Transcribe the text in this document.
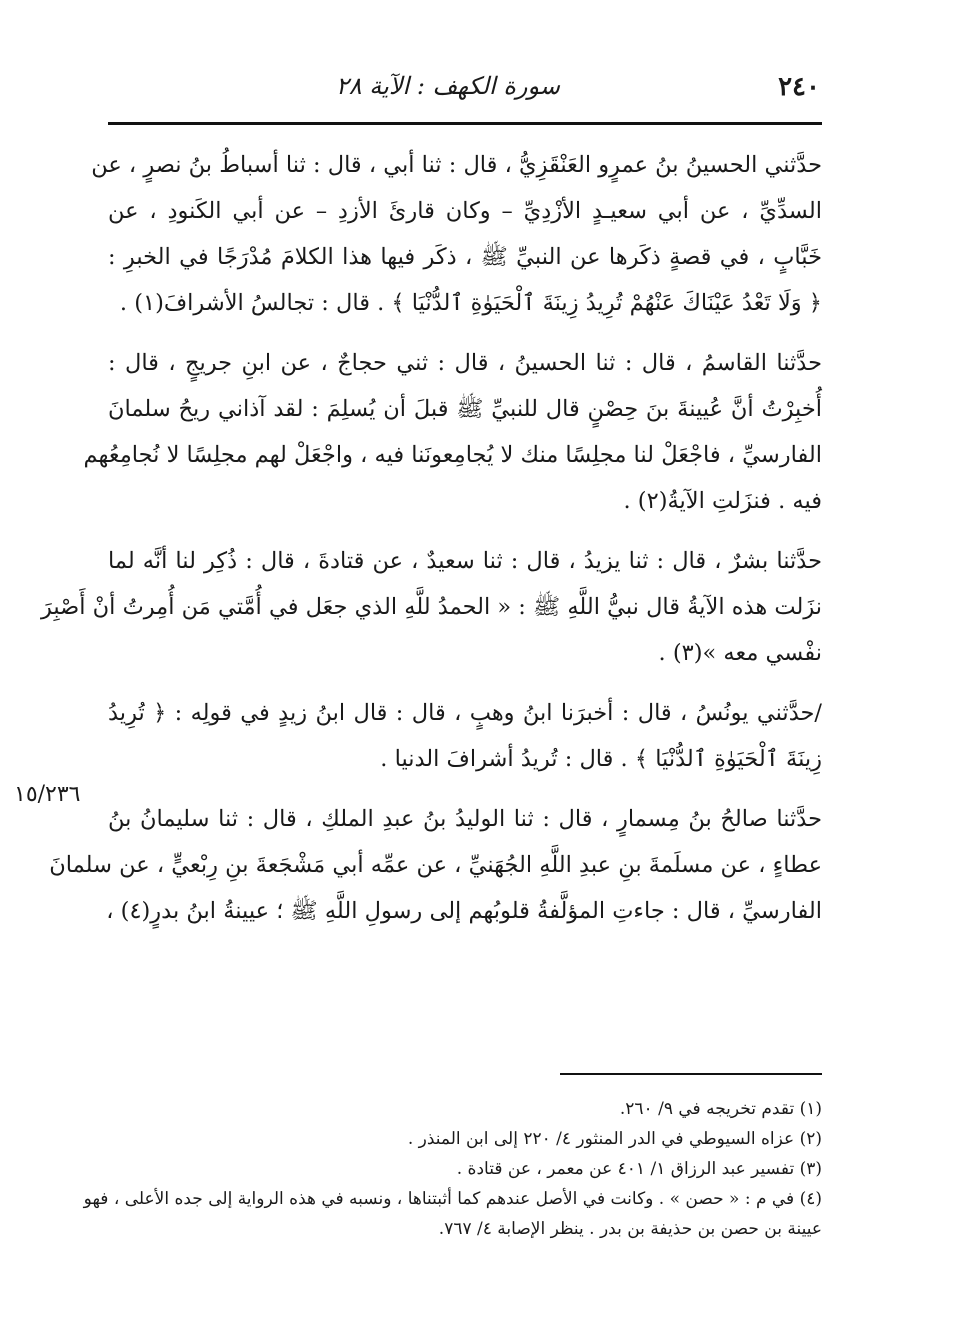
٢٤٠
سورة الكهف : الآية ٢٨
حدَّثني الحسينُ بنُ عمرٍو العَنْقَزِيُّ ، قال : ثنا أبي ، قال : ثنا أسباطُ بنُ نصرٍ ، عن
السدِّيِّ ، عن أبي سعيـدٍ الأزْدِيِّ – وكان قارئَ الأزدِ – عن أبي الكَنودِ ، عن
خَبَّابٍ ، في قصةٍ ذكَرها عن النبيِّ ﷺ ، ذكَر فيها هذا الكلامَ مُدْرَجًا في الخبرِ :
﴿ وَلَا تَعْدُ عَيْنَاكَ عَنْهُمْ تُرِيدُ زِينَةَ ٱلْحَيَوٰةِ ٱلدُّنْيَا ﴾ . قال : تجالسُ الأشرافَ(١) .
حدَّثنا القاسمُ ، قال : ثنا الحسينُ ، قال : ثني حجاجٌ ، عن ابنِ جريجٍ ، قال :
أُخبِرْتُ أنَّ عُيينةَ بنَ حِصْنٍ قال للنبيِّ ﷺ قبلَ أن يُسلِمَ : لقد آذاني ريحُ سلمانَ
الفارسيِّ ، فاجْعَلْ لنا مجلِسًا منك لا يُجامِعونَنا فيه ، واجْعَلْ لهم مجلِسًا لا نُجامِعُهم
فيه . فنزَلتِ الآيةُ(٢) .
حدَّثنا بشرٌ ، قال : ثنا يزيدُ ، قال : ثنا سعيدٌ ، عن قتادةَ ، قال : ذُكِر لنا أنَّه لما
نزَلت هذه الآيةُ قال نبيُّ اللَّهِ ﷺ : « الحمدُ للَّهِ الذي جعَل في أُمَّتي مَن أُمِرتُ أنْ أَصْبِرَ
نفْسي معه »(٣) .
/حدَّثني يونُسُ ، قال : أخبرَنا ابنُ وهبٍ ، قال : قال ابنُ زيدٍ في قولِه : ﴿ تُرِيدُ
زِينَةَ ٱلْحَيَوٰةِ ٱلدُّنْيَا ﴾ . قال : تُريدُ أشرافَ الدنيا .
حدَّثنا صالحُ بنُ مِسمارٍ ، قال : ثنا الوليدُ بنُ عبدِ الملكِ ، قال : ثنا سليمانُ بنُ
عطاءٍ ، عن مسلَمةَ بنِ عبدِ اللَّهِ الجُهَنيِّ ، عن عمِّه أبي مَشْجَعةَ بنِ رِبْعيٍّ ، عن سلمانَ
الفارسيِّ ، قال : جاءتِ المؤلَّفةُ قلوبُهم إلى رسولِ اللَّهِ ﷺ ؛ عيينةُ ابنُ بدرٍ(٤) ،
١٥/٢٣٦
(١) تقدم تخريجه في ٩/ ٢٦٠.
(٢) عزاه السيوطي في الدر المنثور ٤/ ٢٢٠ إلى ابن المنذر .
(٣) تفسير عبد الرزاق ١/ ٤٠١ عن معمر ، عن قتادة .
(٤) في م : « حصن » . وكانت في الأصل عندهم كما أثبتناها ، ونسبه في هذه الرواية إلى جده الأعلى ، فهو
عيينة بن حصن بن حذيفة بن بدر . ينظر الإصابة ٤/ ٧٦٧.
